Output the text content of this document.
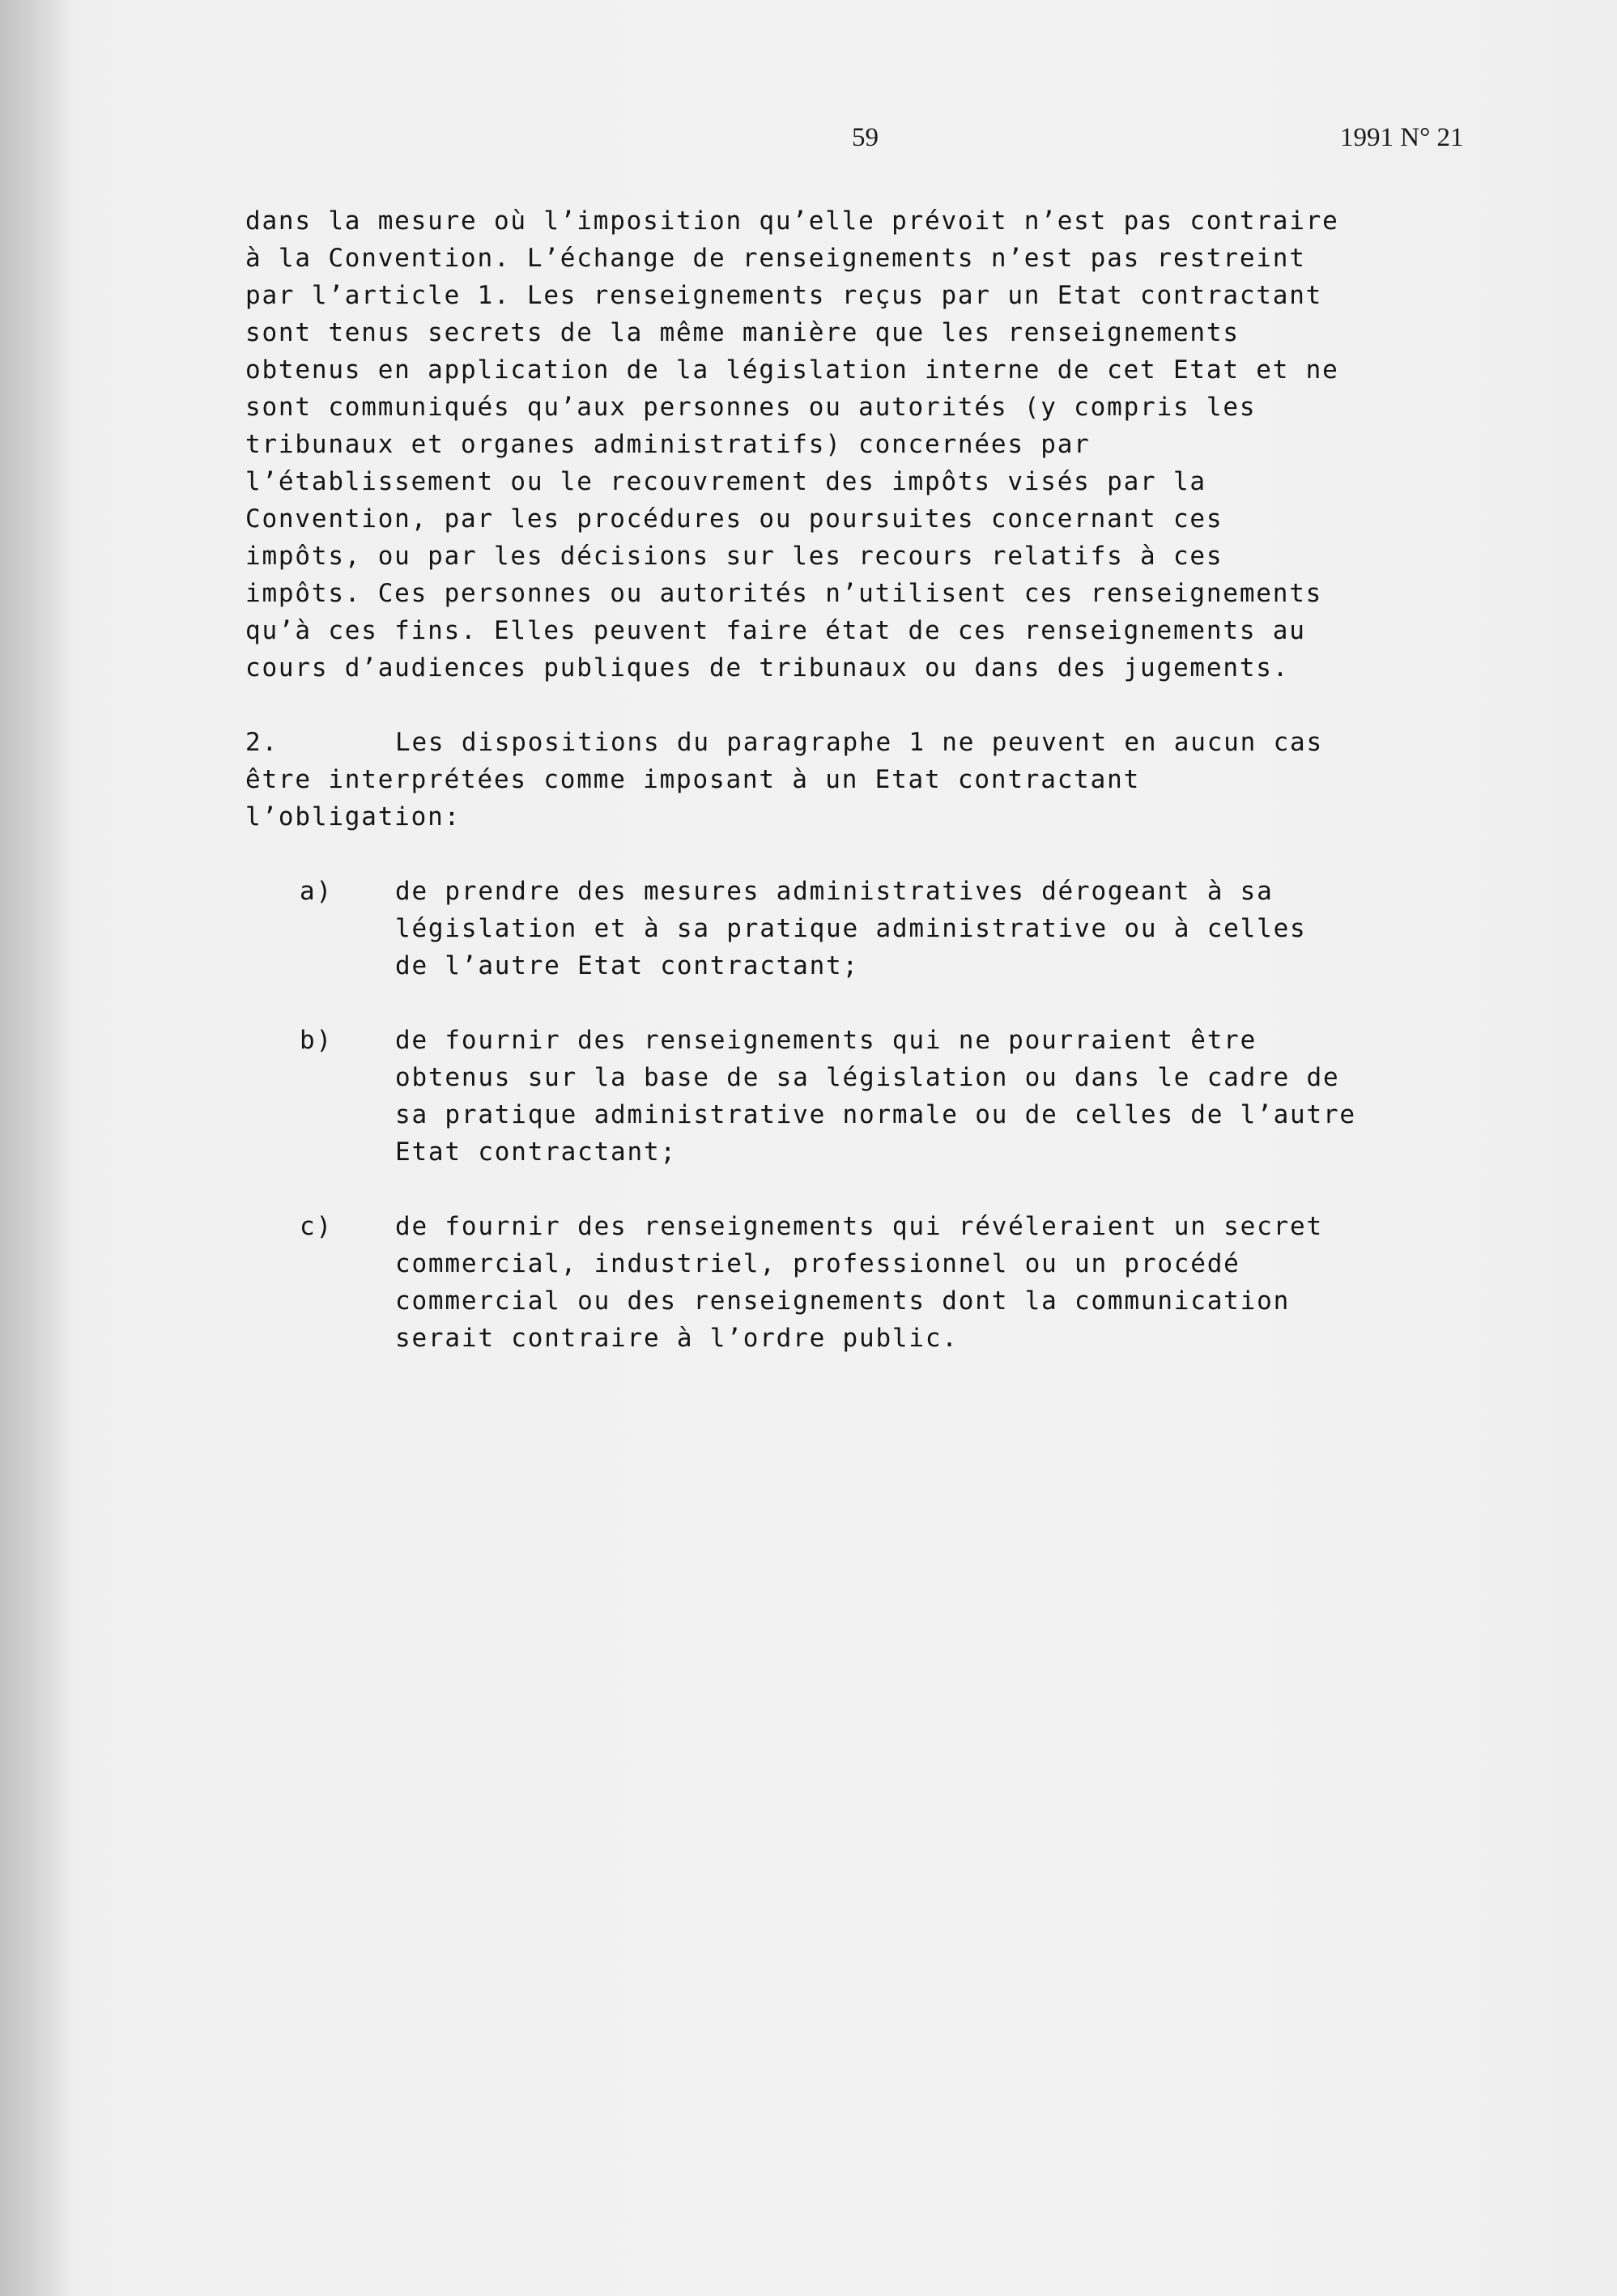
59	1991 N° 21
dans la mesure où l’imposition qu’elle prévoit n’est pas contraire
à la Convention. L’échange de renseignements n’est pas restreint
par l’article 1. Les renseignements reçus par un Etat contractant
sont tenus secrets de la même manière que les renseignements
obtenus en application de la législation interne de cet Etat et ne
sont communiqués qu’aux personnes ou autorités (y compris les
tribunaux et organes administratifs) concernées par
l’établissement ou le recouvrement des impôts visés par la
Convention, par les procédures ou poursuites concernant ces
impôts, ou par les décisions sur les recours relatifs à ces
impôts. Ces personnes ou autorités n’utilisent ces renseignements
qu’à ces fins. Elles peuvent faire état de ces renseignements au
cours d’audiences publiques de tribunaux ou dans des jugements.
2.	Les dispositions du paragraphe 1 ne peuvent en aucun cas
être interprétées comme imposant à un Etat contractant
l’obligation:
a) de prendre des mesures administratives dérogeant à sa
législation et à sa pratique administrative ou à celles
de l’autre Etat contractant;
b) de fournir des renseignements qui ne pourraient être
obtenus sur la base de sa législation ou dans le cadre de
sa pratique administrative normale ou de celles de l’autre
Etat contractant;
c) de fournir des renseignements qui révéleraient un secret
commercial, industriel, professionnel ou un procédé
commercial ou des renseignements dont la communication
serait contraire à l’ordre public.
